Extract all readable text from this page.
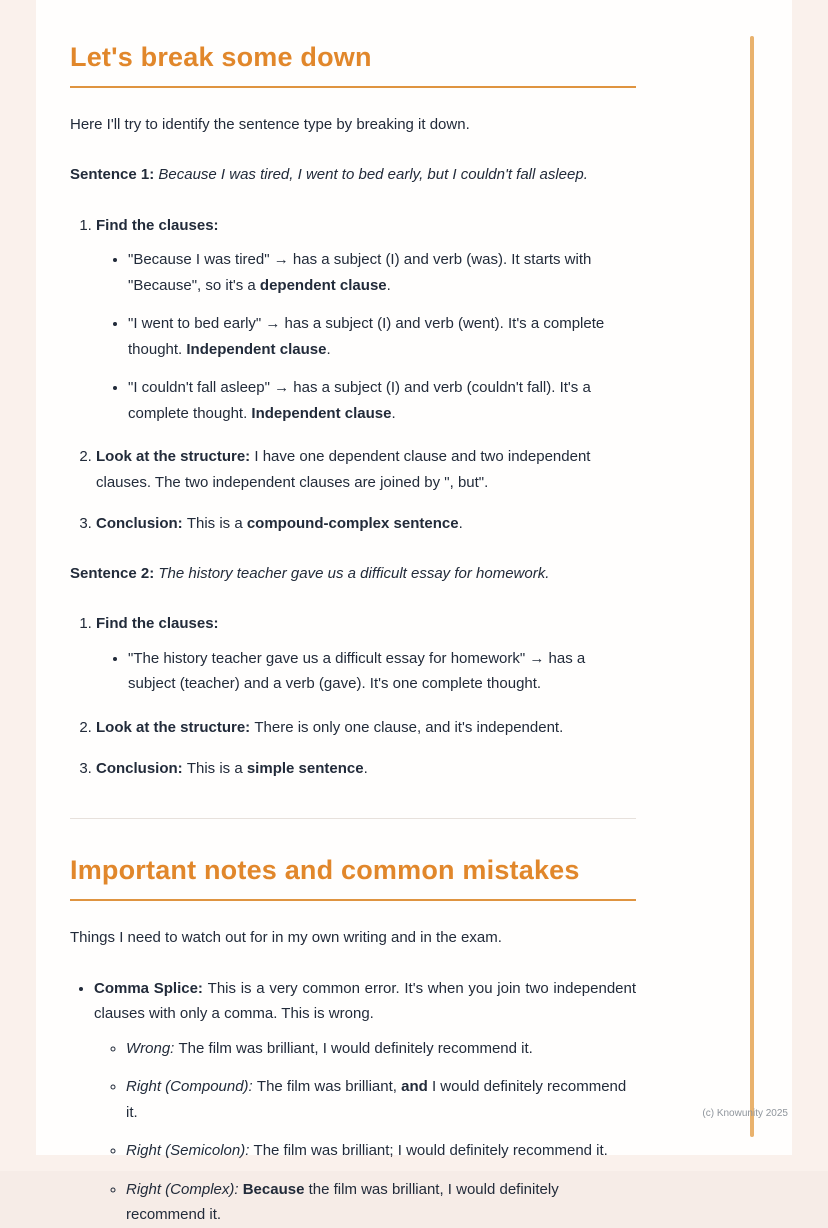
Let's break some down

Here I'll try to identify the sentence type by breaking it down.

Sentence 1: Because I was tired, I went to bed early, but I couldn't fall asleep.

1. Find the clauses:
• "Because I was tired" → has a subject (I) and verb (was). It starts with "Because", so it's a dependent clause.
• "I went to bed early" → has a subject (I) and verb (went). It's a complete thought. Independent clause.
• "I couldn't fall asleep" → has a subject (I) and verb (couldn't fall). It's a complete thought. Independent clause.
2. Look at the structure: I have one dependent clause and two independent clauses. The two independent clauses are joined by ", but".
3. Conclusion: This is a compound-complex sentence.

Sentence 2: The history teacher gave us a difficult essay for homework.

1. Find the clauses:
• "The history teacher gave us a difficult essay for homework" → has a subject (teacher) and a verb (gave). It's one complete thought.
2. Look at the structure: There is only one clause, and it's independent.
3. Conclusion: This is a simple sentence.
Important notes and common mistakes

Things I need to watch out for in my own writing and in the exam.

• Comma Splice: This is a very common error. It's when you join two independent clauses with only a comma. This is wrong.
◦ Wrong: The film was brilliant, I would definitely recommend it.
◦ Right (Compound): The film was brilliant, and I would definitely recommend it.
◦ Right (Semicolon): The film was brilliant; I would definitely recommend it.
◦ Right (Complex): Because the film was brilliant, I would definitely recommend it.
(c) Knowunity 2025
